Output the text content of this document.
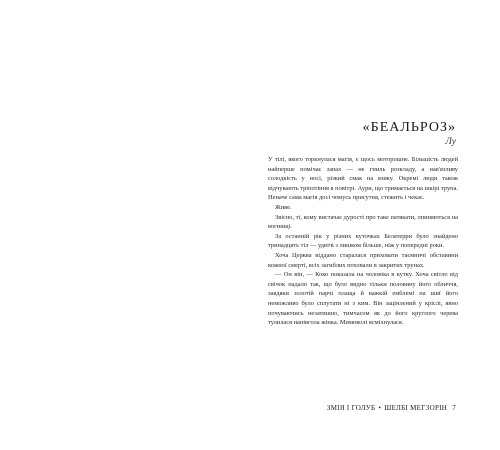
«БЕАЛЬРОЗ»
Лу

У тілі, якого торкнулася магія, є щось моторошне. Більшість людей найперше помічає запах — не гниль розкладу, а нав'язливу солодкість у носі, різкий смак на язику. Окремі люди також відчувають тріпотіння в повітрі. Аури, що тримається на шкірі трупа. Неначе сама магія досі чомусь присутня, стежить і чекає.

Живе.

Звісно, ті, кому вистачає дурості про таке патякати, опиняються на вогнищі.

За останній рік у різних куточках Белатерри було знайдено тринадцять тіл — удвічі з лишком більше, ніж у попередні роки.

Хоча Церква віддано старалася приховати таємничі обставини кожної смерті, всіх загиблих поховали в закритих трунах.

— Он він, — Коко показала на чоловіка в кутку. Хоча світло від свічок падало так, що було видно тільки половину його обличчя, завдяки золотій парчі плаща й важкій емблемі на шиї його неможливо було сплутати ні з ким. Він зацінлений у кріслі, явно почуваючись незатишно, тимчасом як до його круглого черева тулилася напівгола жінка. Мимоволі всміхнулася.

ЗМІЯ І ГОЛУБ • ШЕЛБІ МЕГЗОРІН 7
